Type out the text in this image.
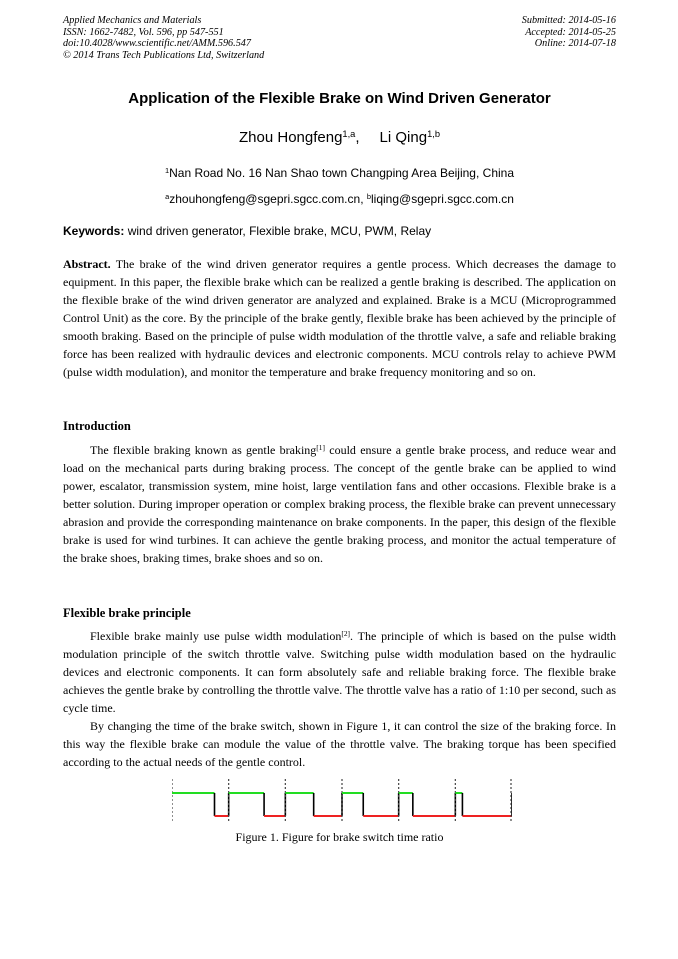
Applied Mechanics and Materials
ISSN: 1662-7482, Vol. 596, pp 547-551
doi:10.4028/www.scientific.net/AMM.596.547
© 2014 Trans Tech Publications Ltd, Switzerland
Submitted: 2014-05-16
Accepted: 2014-05-25
Online: 2014-07-18
Application of the Flexible Brake on Wind Driven Generator
Zhou Hongfeng$^{1,a}$, Li Qing$^{1,b}$
$^1$Nan Road No. 16 Nan Shao town Changping Area Beijing, China
$^a$zhouhongfeng@sgepri.sgcc.com.cn, $^b$liqing@sgepri.sgcc.com.cn
Keywords: wind driven generator, Flexible brake, MCU, PWM, Relay

Abstract. The brake of the wind driven generator requires a gentle process. Which decreases the damage to equipment. In this paper, the flexible brake which can be realized a gentle braking is described. The application on the flexible brake of the wind driven generator are analyzed and explained. Brake is a MCU (Microprogrammed Control Unit) as the core. By the principle of the brake gently, flexible brake has been achieved by the principle of smooth braking. Based on the principle of pulse width modulation of the throttle valve, a safe and reliable braking force has been realized with hydraulic devices and electronic components. MCU controls relay to achieve PWM (pulse width modulation), and monitor the temperature and brake frequency monitoring and so on.

Introduction

The flexible braking known as gentle braking[1] could ensure a gentle brake process, and reduce wear and load on the mechanical parts during braking process. The concept of the gentle brake can be applied to wind power, escalator, transmission system, mine hoist, large ventilation fans and other occasions. Flexible brake is a better solution. During improper operation or complex braking process, the flexible brake can prevent unnecessary abrasion and provide the corresponding maintenance on brake components. In the paper, this design of the flexible brake is used for wind turbines. It can achieve the gentle braking process, and monitor the actual temperature of the brake shoes, braking times, brake shoes and so on.

Flexible brake principle

Flexible brake mainly use pulse width modulation[2]. The principle of which is based on the pulse width modulation principle of the switch throttle valve. Switching pulse width modulation based on the hydraulic devices and electronic components. It can form absolutely safe and reliable braking force. The flexible brake achieves the gentle brake by controlling the throttle valve. The throttle valve has a ratio of 1:10 per second, such as cycle time.

By changing the time of the brake switch, shown in Figure 1, it can control the size of the braking force. In this way the flexible brake can module the value of the throttle valve. The braking torque has been specified according to the actual needs of the gentle control.

Figure 1. Figure for brake switch time ratio
